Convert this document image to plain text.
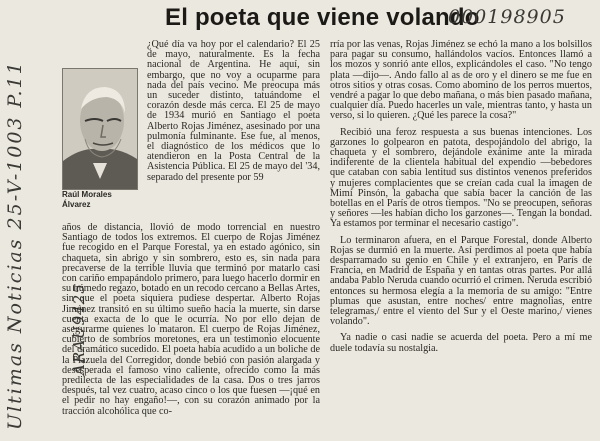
El poeta que viene volando
000198905
Ultimas Noticias 25-V-1003 P.11	ARAU9425
Raúl Morales Álvarez

¿Qué día va hoy por el calendario? El 25 de mayo, naturalmente. Es la fecha nacional de Argentina. He aquí, sin embargo, que no voy a ocuparme para nada del país vecino. Me preocupa más un suceder distinto, tatuándome el corazón desde más cerca. El 25 de mayo de 1934 murió en Santiago el poeta Alberto Rojas Jiménez, asesinado por una pulmonía fulminante. Ese fue, al menos, el diagnóstico de los médicos que lo atendieron en la Posta Central de la Asistencia Pública. El 25 de mayo del '34, separado del presente por 59

años de distancia, llovió de modo torrencial en nuestro Santiago de todos los extremos. El cuerpo de Rojas Jiménez fue recogido en el Parque Forestal, ya en estado agónico, sin chaqueta, sin abrigo y sin sombrero, esto es, sin nada para precaverse de la terrible lluvia que terminó por matarlo casi con cariño empapándolo primero, para luego hacerlo dormir en su húmedo regazo, botado en un recodo cercano a Bellas Artes, sin que el poeta siquiera pudiese despertar. Alberto Rojas Jiménez transitó en su último sueño hacia la muerte, sin darse cuenta exacta de lo que le ocurría. No por ello dejan de asegurarme quienes lo mataron. El cuerpo de Rojas Jiménez, cubierto de sombríos moretones, era un testimonio elocuente del dramático sucedido. El poeta había acudido a un boliche de la Plazuela del Corregidor, donde bebió con pasión alargada y desesperada el famoso vino caliente, ofrecido como la más predilecta de las especialidades de la casa. Dos o tres jarros después, tal vez cuatro, acaso cinco o los que fuesen —¡qué en el pedir no hay engaño!—, con su corazón animado por la tracción alcohólica que co-

rría por las venas, Rojas Jiménez se echó la mano a los bolsillos para pagar su consumo, hallándolos vacíos. Entonces llamó a los mozos y sonrió ante ellos, explicándoles el caso. "No tengo plata —dijo—. Ando fallo al as de oro y el dinero se me fue en otros sitios y otras cosas. Como abomino de los perros muertos, vendré a pagar lo que debo mañana, o más bien pasado mañana, cualquier día. Puedo hacerles un vale, mientras tanto, y hasta un verso, si lo quieren. ¿Qué les parece la cosa?"

Recibió una feroz respuesta a sus buenas intenciones. Los garzones lo golpearon en patota, despojándolo del abrigo, la chaqueta y el sombrero, dejándole exánime ante la mirada indiferente de la clientela habitual del expendio —bebedores que cataban con sabia lentitud sus distintos venenos preferidos y mujeres complacientes que se creían cada cual la imagen de Mimí Pinsón, la gabacha que sabía bacer la canción de las botellas en el París de otros tiempos. "No se preocupen, señoras y señores —les habían dicho los garzones—. Tengan la bondad. Ya estamos por terminar el necesario castigo".

Lo terminaron afuera, en el Parque Forestal, donde Alberto Rojas se durmió en la muerte. Así perdimos al poeta que había desparramado su genio en Chile y el extranjero, en París de Francia, en Madrid de España y en tantas otras partes. Por allá andaba Pablo Neruda cuando ocurrió el crimen. Neruda escribió entonces su hermosa elegía a la memoria de su amigo: "Entre plumas que asustan, entre noches/ entre magnolias, entre telegramas,/ entre el viento del Sur y el Oeste marino,/ vienes volando".

Ya nadie o casi nadie se acuerda del poeta. Pero a mí me duele todavía su nostalgia.
